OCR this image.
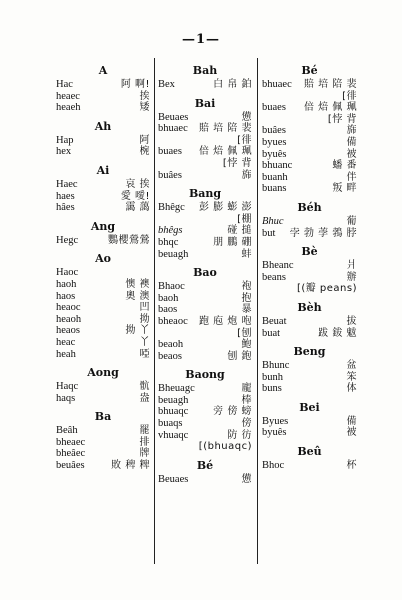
—1—
A
Hac	阿 啊!
heaec	挨
heaeh	矮
Ah
Hap	阿
hex	椀
Ai
Haec	哀 挨
haes	愛 噯!
hâes	靄 藹
Ang
Hegc	鸚櫻鶯鶯
Ao
Haoc
haoh	懊 襖
haos	奧 澳
heaoc	凹
heaoh	拗
heaos	拗 丫
heac	丫
heah	啞
Aong
Haqc	骯
haqs	盎
Ba
Beâh	罷
bheaec	排
bheâec	牌
beuâes	敗 稗 粺
Bah
Bex	白 帛 鉑
Bai
Beuaes	憊
bhuaec 賠 培 陪 裴
[徘
buaes 倍 焙 佩 珮
[悖 背
buâes	旆
Bang
Bhêgc 彭 膨 蟛 澎
[棚
bhêgs	碰 搥
bhqc	朋 鵬 硼
beuagh	蚌
Bao
Bhaoc	袍
baoh	抱
baos	暴
bheaoc 跑 庖 炮 咆
[刨
beaoh	鮑
beaos	刨 鉋
Baong
Bheuagc	龐
beuagh	棒
bhuaqc 旁 傍 螃
buaqs	傍
vhuaqc	防 彷
[(bhuaqc)
Bé
Beuaes	憊
Bé
bhuaec 賠 培 陪 裴
[徘
buaes 倍 焙 佩 珮
[悖 背
buâes	旆
byues	備
byuês	被
bhuanc	蟠 番
buanh	伴
buans	叛 畔
Béh
Bhuc	葡
but 孛 勃 荸 鵓 脖
Bè
Bheanc	爿
beans	辦
[(瓣 peans)
Bèh
Beuat	拔
buat	跋 鈸 魃
Beng
Bhunc	盆
bunh	笨
buns	体
Bei
Byues	備
byuês	被
Beû
Bhoc	杯
